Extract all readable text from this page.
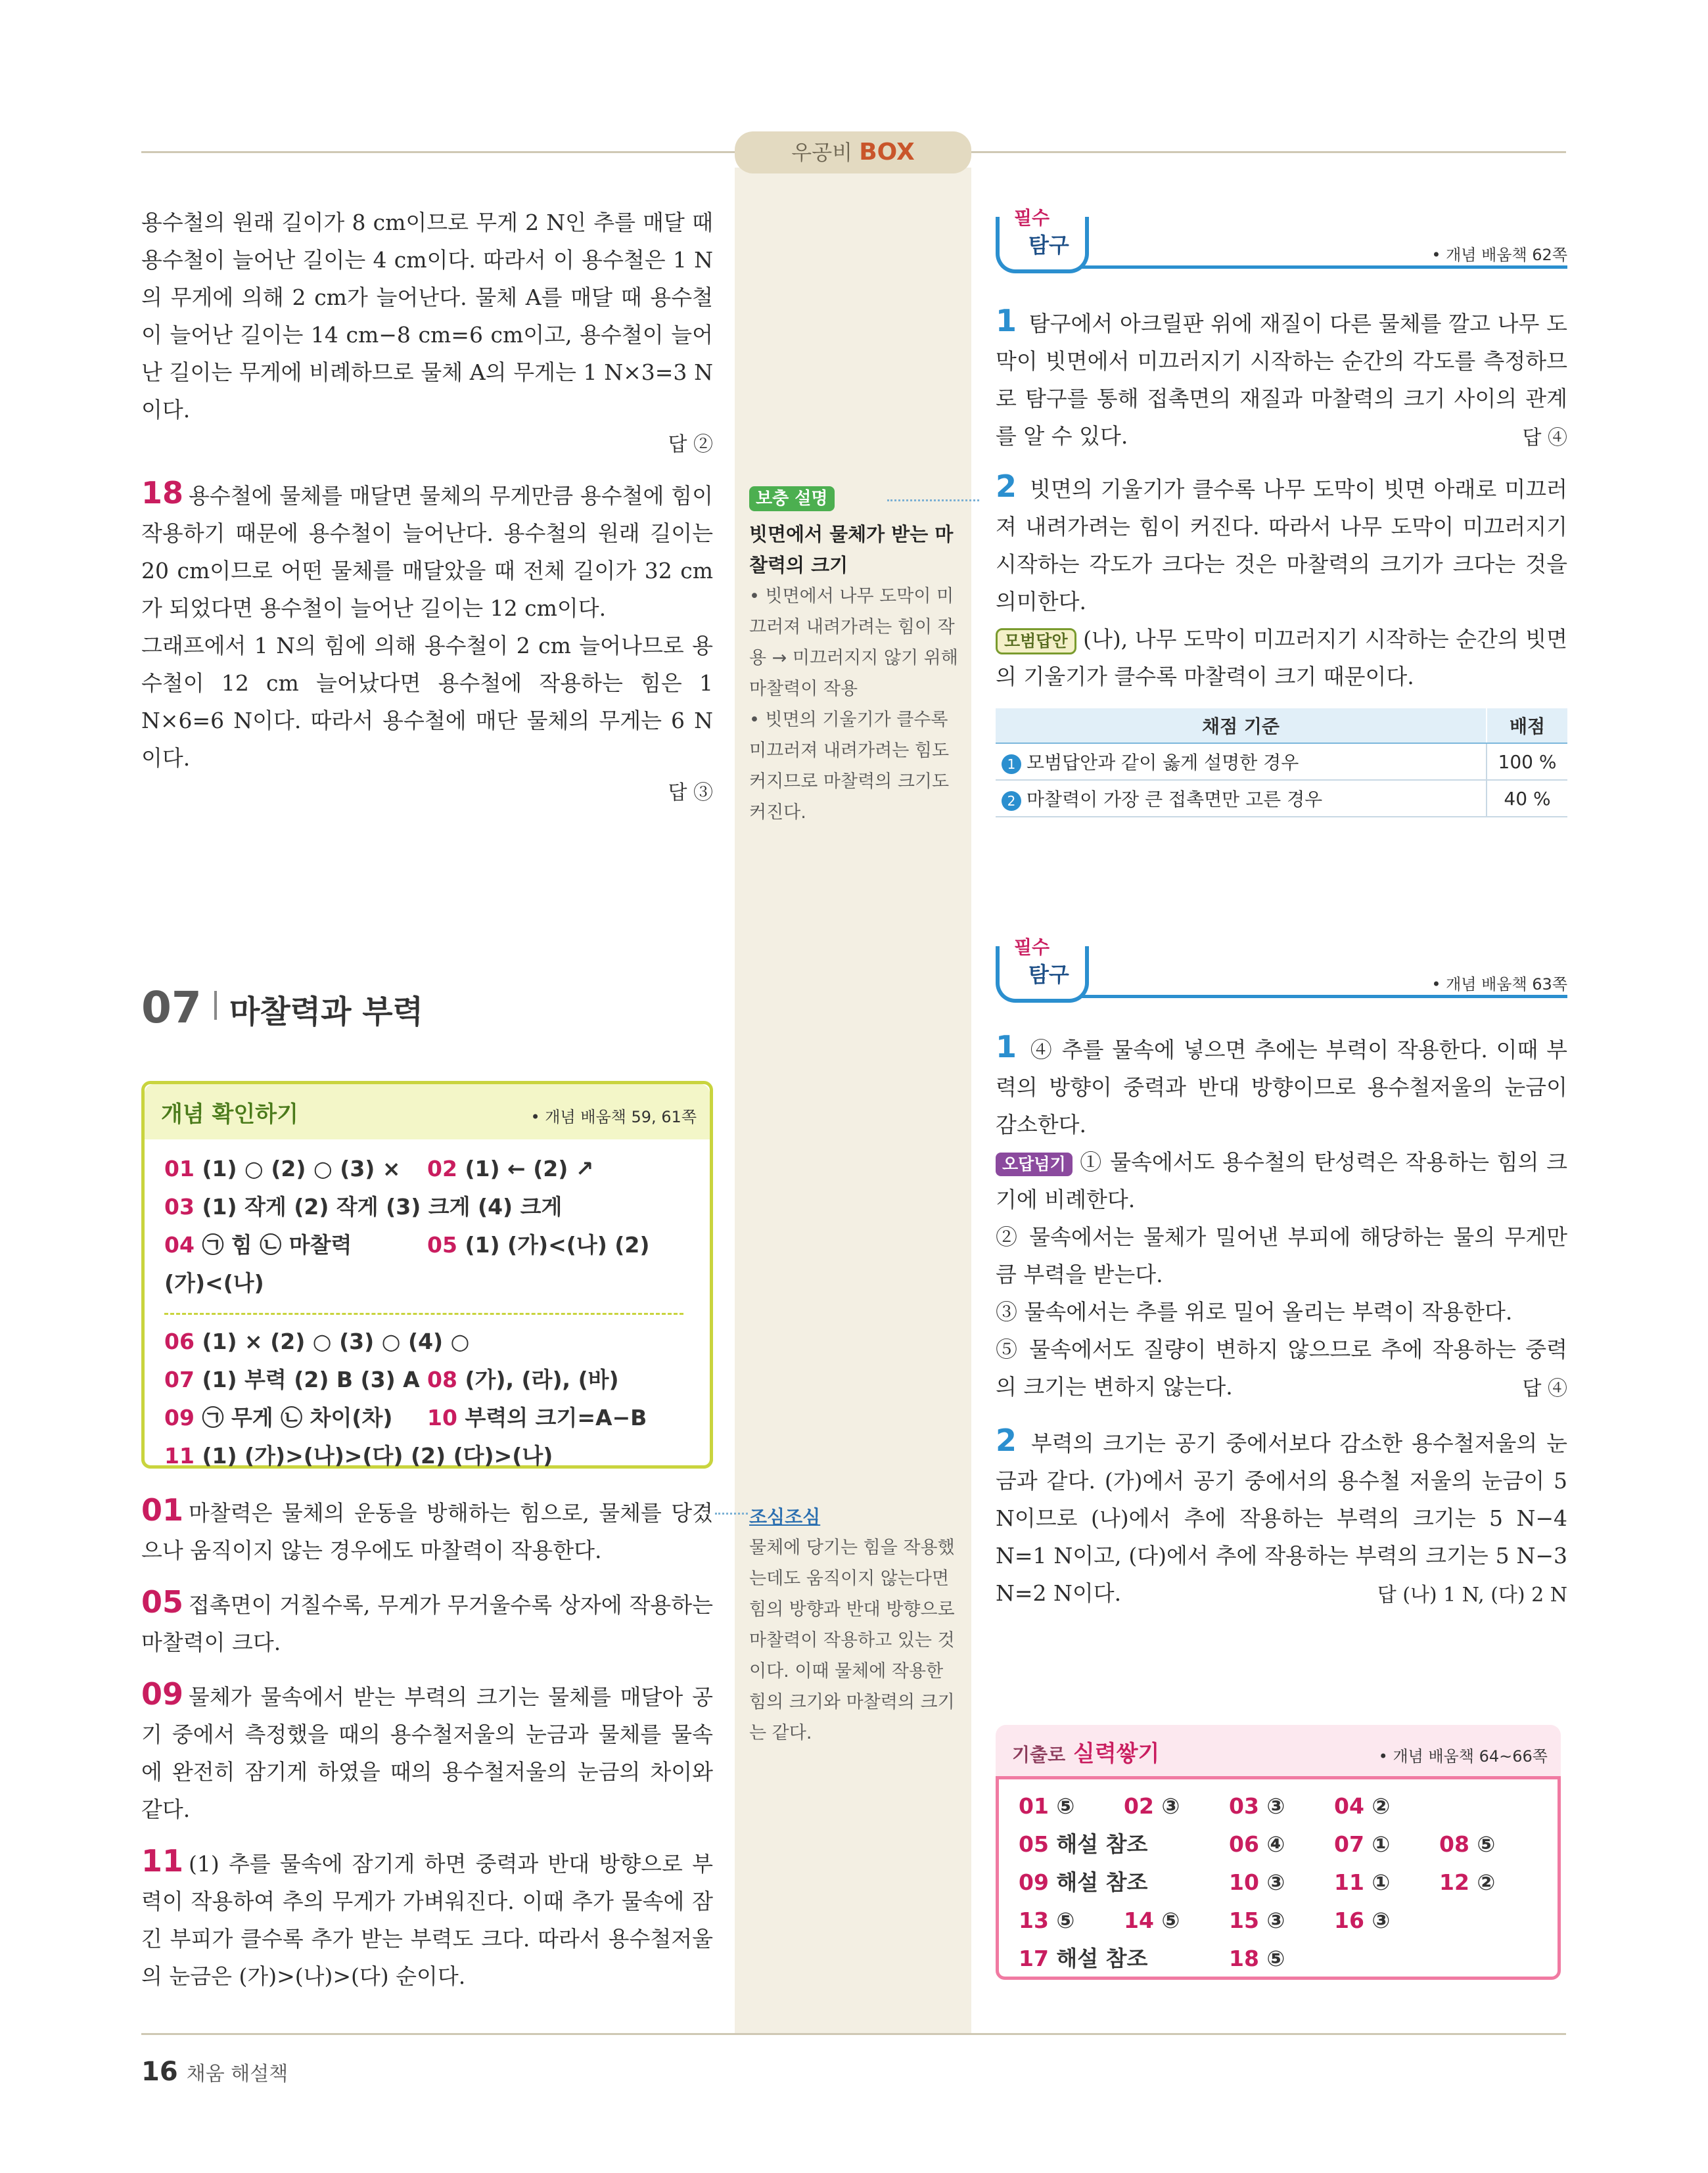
우공비 BOX

용수철의 원래 길이가 8 cm이므로 무게 2 N인 추를 매달 때 용수철이 늘어난 길이는 4 cm이다. 따라서 이 용수철은 1 N의 무게에 의해 2 cm가 늘어난다. 물체 A를 매달 때 용수철이 늘어난 길이는 14 cm−8 cm=6 cm이고, 용수철이 늘어난 길이는 무게에 비례하므로 물체 A의 무게는 1 N×3=3 N이다.

답 ②

18 용수철에 물체를 매달면 물체의 무게만큼 용수철에 힘이 작용하기 때문에 용수철이 늘어난다. 용수철의 원래 길이는 20 cm이므로 어떤 물체를 매달았을 때 전체 길이가 32 cm가 되었다면 용수철이 늘어난 길이는 12 cm이다.

그래프에서 1 N의 힘에 의해 용수철이 2 cm 늘어나므로 용수철이 12 cm 늘어났다면 용수철에 작용하는 힘은 1 N×6=6 N이다. 따라서 용수철에 매단 물체의 무게는 6 N이다.

답 ③
보충 설명
빗면에서 물체가 받는 마찰력의 크기
• 빗면에서 나무 도막이 미끄러져 내려가려는 힘이 작용 → 미끄러지지 않기 위해 마찰력이 작용
• 빗면의 기울기가 클수록 미끄러져 내려가려는 힘도 커지므로 마찰력의 크기도 커진다.
조심조심
물체에 당기는 힘을 작용했는데도 움직이지 않는다면 힘의 방향과 반대 방향으로 마찰력이 작용하고 있는 것이다. 이때 물체에 작용한 힘의 크기와 마찰력의 크기는 같다.
필수
탐구	• 개념 배움책 62쪽

1 탐구에서 아크릴판 위에 재질이 다른 물체를 깔고 나무 도막이 빗면에서 미끄러지기 시작하는 순간의 각도를 측정하므로 탐구를 통해 접촉면의 재질과 마찰력의 크기 사이의 관계를 알 수 있다.	답 ④

2 빗면의 기울기가 클수록 나무 도막이 빗면 아래로 미끄러져 내려가려는 힘이 커진다. 따라서 나무 도막이 미끄러지기 시작하는 각도가 크다는 것은 마찰력의 크기가 크다는 것을 의미한다.

모범답안 (나), 나무 도막이 미끄러지기 시작하는 순간의 빗면의 기울기가 클수록 마찰력이 크기 때문이다.

채점 기준	배점
1 모범답안과 같이 옳게 설명한 경우	100 %
2 마찰력이 가장 큰 접촉면만 고른 경우	40 %
07 마찰력과 부력
개념 확인하기	• 개념 배움책 59, 61쪽
01 (1) ○ (2) ○ (3) × 02 (1) ← (2) ↗
03 (1) 작게 (2) 작게 (3) 크게 (4) 크게
04 ㉠ 힘 ㉡ 마찰력	05 (1) (가)<(나) (2) (가)<(나)
06 (1) × (2) ○ (3) ○ (4) ○
07 (1) 부력 (2) B (3) A 08 (가), (라), (바)
09 ㉠ 무게 ㉡ 차이(차) 10 부력의 크기=A−B
11 (1) (가)>(나)>(다) (2) (다)>(나)

01 마찰력은 물체의 운동을 방해하는 힘으로, 물체를 당겼으나 움직이지 않는 경우에도 마찰력이 작용한다.

05 접촉면이 거칠수록, 무게가 무거울수록 상자에 작용하는 마찰력이 크다.

09 물체가 물속에서 받는 부력의 크기는 물체를 매달아 공기 중에서 측정했을 때의 용수철저울의 눈금과 물체를 물속에 완전히 잠기게 하였을 때의 용수철저울의 눈금의 차이와 같다.

11 (1) 추를 물속에 잠기게 하면 중력과 반대 방향으로 부력이 작용하여 추의 무게가 가벼워진다. 이때 추가 물속에 잠긴 부피가 클수록 추가 받는 부력도 크다. 따라서 용수철저울의 눈금은 (가)>(나)>(다) 순이다.

필수
탐구	• 개념 배움책 63쪽

1 ④ 추를 물속에 넣으면 추에는 부력이 작용한다. 이때 부력의 방향이 중력과 반대 방향이므로 용수철저울의 눈금이 감소한다.

오답넘기 ① 물속에서도 용수철의 탄성력은 작용하는 힘의 크기에 비례한다.

② 물속에서는 물체가 밀어낸 부피에 해당하는 물의 무게만큼 부력을 받는다.

③ 물속에서는 추를 위로 밀어 올리는 부력이 작용한다.

⑤ 물속에서도 질량이 변하지 않으므로 추에 작용하는 중력의 크기는 변하지 않는다.	답 ④

2 부력의 크기는 공기 중에서보다 감소한 용수철저울의 눈금과 같다. (가)에서 공기 중에서의 용수철 저울의 눈금이 5 N이므로 (나)에서 추에 작용하는 부력의 크기는 5 N−4 N=1 N이고, (다)에서 추에 작용하는 부력의 크기는 5 N−3 N=2 N이다.	답 (나) 1 N, (다) 2 N
기출로 실력쌓기	• 개념 배움책 64~66쪽
01 ⑤ 02 ③ 03 ③ 04 ②
05 해설 참조	06 ④ 07 ① 08 ⑤
09 해설 참조	10 ③ 11 ① 12 ②
13 ⑤ 14 ⑤ 15 ③ 16 ③
17 해설 참조	18 ⑤
16 채움 해설책
